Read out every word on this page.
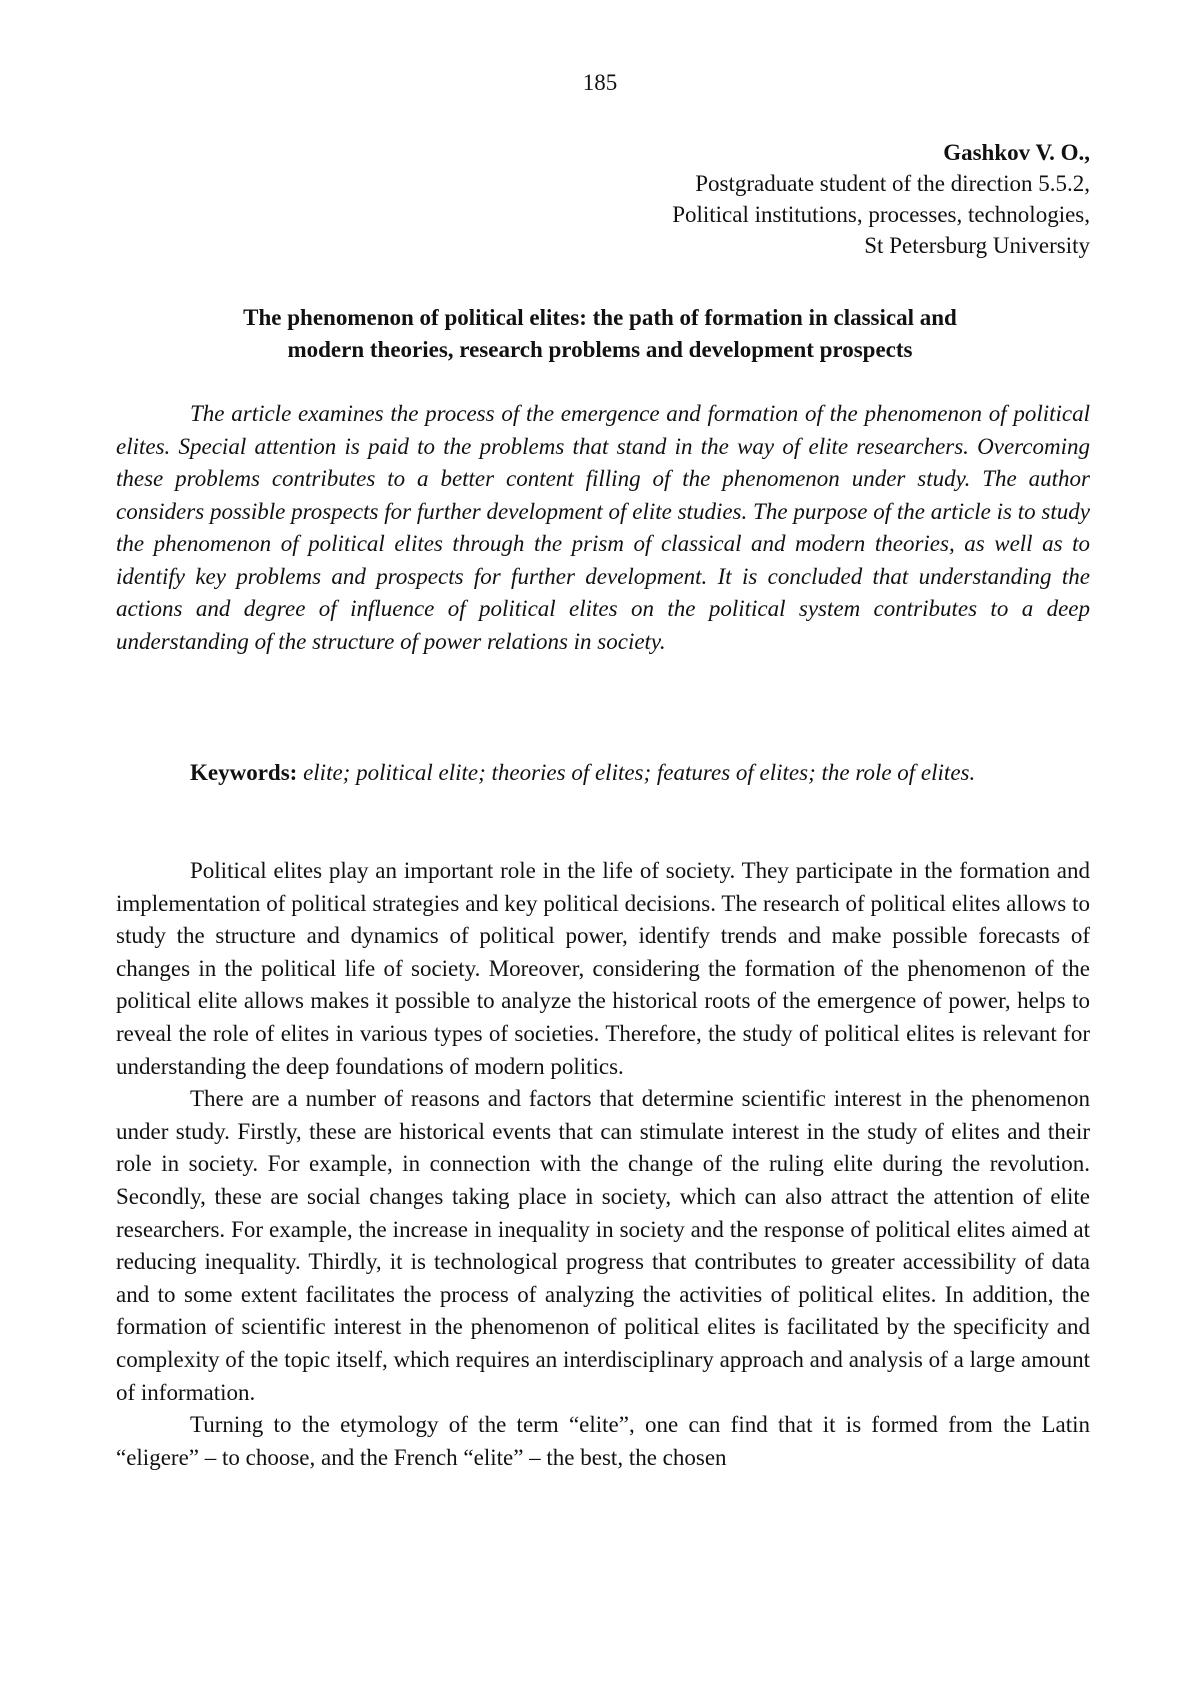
185
Gashkov V. O.,
Postgraduate student of the direction 5.5.2,
Political institutions, processes, technologies,
St Petersburg University
The phenomenon of political elites: the path of formation in classical and
modern theories, research problems and development prospects

The article examines the process of the emergence and formation of the phenomenon of political elites. Special attention is paid to the problems that stand in the way of elite researchers. Overcoming these problems contributes to a better content filling of the phenomenon under study. The author considers possible prospects for further development of elite studies. The purpose of the article is to study the phenomenon of political elites through the prism of classical and modern theories, as well as to identify key problems and prospects for further development. It is concluded that understanding the actions and degree of influence of political elites on the political system contributes to a deep understanding of the structure of power relations in society.

Keywords: elite; political elite; theories of elites; features of elites; the role of elites.

Political elites play an important role in the life of society. They participate in the formation and implementation of political strategies and key political decisions. The research of political elites allows to study the structure and dynamics of political power, identify trends and make possible forecasts of changes in the political life of society. Moreover, considering the formation of the phenomenon of the political elite allows makes it possible to analyze the historical roots of the emergence of power, helps to reveal the role of elites in various types of societies. Therefore, the study of political elites is relevant for understanding the deep foundations of modern politics.

There are a number of reasons and factors that determine scientific interest in the phenomenon under study. Firstly, these are historical events that can stimulate interest in the study of elites and their role in society. For example, in connection with the change of the ruling elite during the revolution. Secondly, these are social changes taking place in society, which can also attract the attention of elite researchers. For example, the increase in inequality in society and the response of political elites aimed at reducing inequality. Thirdly, it is technological progress that contributes to greater accessibility of data and to some extent facilitates the process of analyzing the activities of political elites. In addition, the formation of scientific interest in the phenomenon of political elites is facilitated by the specificity and complexity of the topic itself, which requires an interdisciplinary approach and analysis of a large amount of information.

Turning to the etymology of the term “elite”, one can find that it is formed from the Latin “eligere” – to choose, and the French “elite” – the best, the chosen
